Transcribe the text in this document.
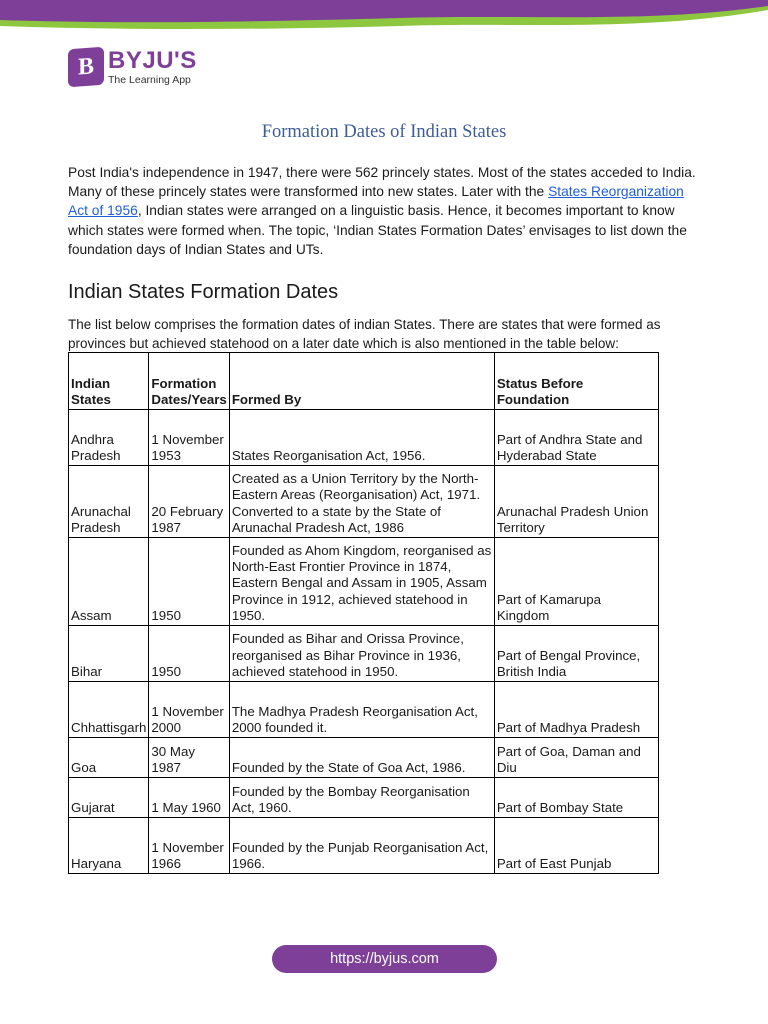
B BYJU'S
The Learning App
Formation Dates of Indian States
Post India's independence in 1947, there were 562 princely states. Most of the states acceded to India. Many of these princely states were transformed into new states. Later with the States Reorganization Act of 1956, Indian states were arranged on a linguistic basis. Hence, it becomes important to know which states were formed when. The topic, ‘Indian States Formation Dates’ envisages to list down the foundation days of Indian States and UTs.
Indian States Formation Dates
The list below comprises the formation dates of indian States. There are states that were formed as provinces but achieved statehood on a later date which is also mentioned in the table below:
Indian States	Formation Dates/Years	Formed By	Status Before Foundation
Andhra Pradesh	1 November 1953	States Reorganisation Act, 1956.	Part of Andhra State and Hyderabad State
Arunachal Pradesh	20 February 1987	Created as a Union Territory by the North-Eastern Areas (Reorganisation) Act, 1971. Converted to a state by the State of Arunachal Pradesh Act, 1986	Arunachal Pradesh Union Territory
Assam	1950	Founded as Ahom Kingdom, reorganised as North-East Frontier Province in 1874, Eastern Bengal and Assam in 1905, Assam Province in 1912, achieved statehood in 1950.	Part of Kamarupa Kingdom
Bihar	1950	Founded as Bihar and Orissa Province, reorganised as Bihar Province in 1936, achieved statehood in 1950.	Part of Bengal Province, British India
Chhattisgarh	1 November 2000	The Madhya Pradesh Reorganisation Act, 2000 founded it.	Part of Madhya Pradesh
Goa	30 May 1987	Founded by the State of Goa Act, 1986.	Part of Goa, Daman and Diu
Gujarat	1 May 1960	Founded by the Bombay Reorganisation Act, 1960.	Part of Bombay State
Haryana	1 November 1966	Founded by the Punjab Reorganisation Act, 1966.	Part of East Punjab
https://byjus.com
